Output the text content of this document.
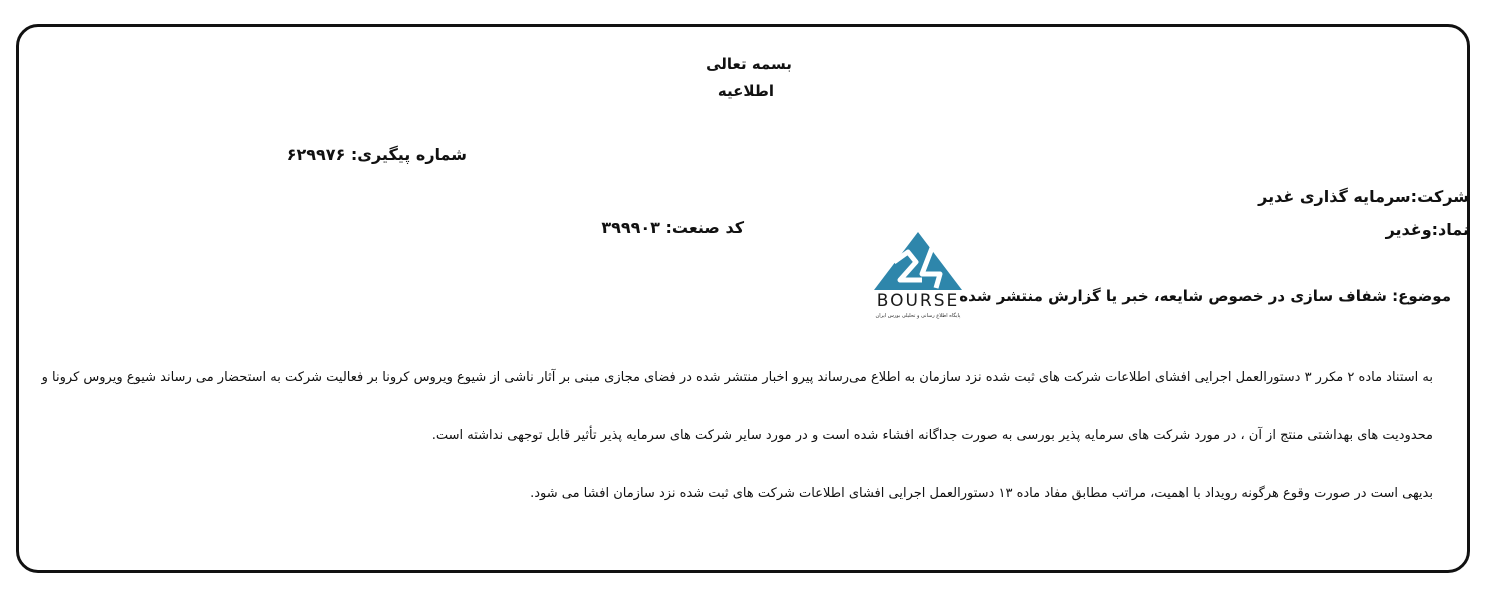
بسمه تعالی
اطلاعیه
شماره پیگیری: ۶۲۹۹۷۶
شرکت:سرمایه گذاری غدیر
نماد:وغدیر
کد صنعت: ۳۹۹۹۰۳
BOURSE
پایگاه اطلاع رسانی و تحلیلی بورس ایران
موضوع: شفاف سازی در خصوص شایعه، خبر یا گزارش منتشر شده
به استناد ماده ۲ مکرر ۳ دستورالعمل اجرایی افشای اطلاعات شرکت های ثبت شده نزد سازمان به اطلاع می‌رساند پیرو اخبار منتشر شده در فضای مجازی مبنی بر آثار ناشی از شیوع ویروس کرونا بر فعالیت شرکت به استحضار می رساند شیوع ویروس کرونا و
محدودیت های بهداشتی منتج از آن ، در مورد شرکت های سرمایه پذیر بورسی به صورت جداگانه افشاء شده است و در مورد سایر شرکت های سرمایه پذیر تأثیر قابل توجهی نداشته است.
بدیهی است در صورت وقوع هرگونه رویداد با اهمیت، مراتب مطابق مفاد ماده ۱۳ دستورالعمل اجرایی افشای اطلاعات شرکت های ثبت شده نزد سازمان افشا می شود.
